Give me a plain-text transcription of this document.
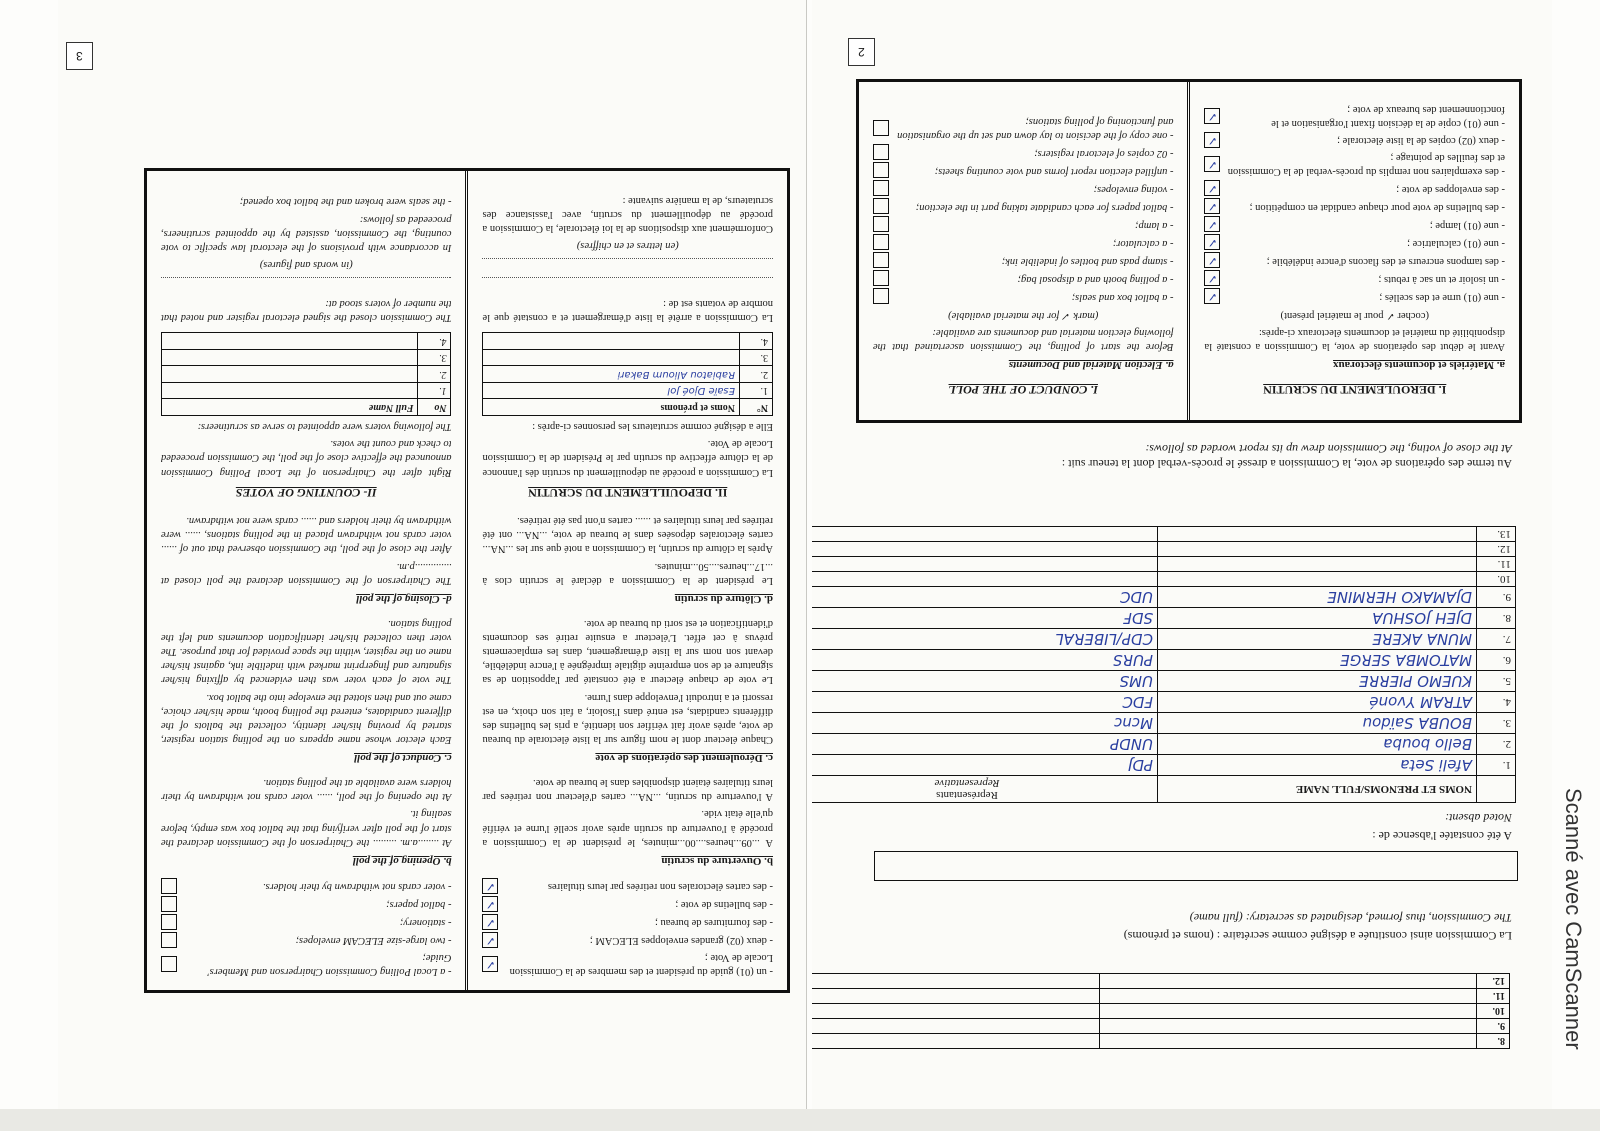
3
- un (01) guide du président et des membres de la Commission Locale de Vote ;
✓
- deux (02) grandes enveloppes ELECAM ;
✓
- des fournitures de bureau ;
✓
- des bulletins de vote ;
✓
- des cartes électorales non retirées par leurs titulaires
✓
b. Ouverture du scrutin

A ...09...heures....00...minutes, le président de la Commission a procédé à l'ouverture du scrutin après avoir scellé l'urne et vérifié qu'elle était vide.

A l'ouverture du scrutin, ...NA... cartes d'électeur non retirées par leurs titulaires étaient disponibles dans le bureau de vote.

c. Déroulement des opérations de vote

Chaque électeur dont le nom figure sur la liste électorale du bureau de vote, après avoir fait vérifier son identité, a pris les bulletins des différents candidats, est entré dans l'isoloir, a fait son choix, en est ressorti et a introduit l'enveloppe dans l'urne.

Le vote de chaque électeur a été constaté par l'apposition de sa signature et de son empreinte digitale imprégnée à l'encre indélébile, devant son nom sur la liste d'émargement, dans les emplacements prévus à cet effet. L'électeur a ensuite retiré ses documents d'identification et est sorti du bureau de vote.

d. Clôture du scrutin

Le président de la Commission a déclaré le scrutin clos à ...17...heures....50...minutes.

Après la clôture du scrutin, la Commission a noté que sur les ...NA... cartes électorales déposées dans le bureau de vote, ...NA... ont été retirées par leurs titulaires et ...... cartes n'ont pas été retirées.

II. DEPOUILLEMENT DU SCRUTIN

La Commission a procédé au dépouillement du scrutin dès l'annonce de la clôture effective du scrutin par le Président de la Commission Locale de Vote.

Elle a désigné comme scrutateurs les personnes ci-après :

N°	Noms et prénoms
1.	Esaïe Djoé Jol
2.	Rabiatou Alioum Bakari
3.	
4.	

La Commission a arrêté la liste d'émargement et a constaté que le nombre de votants est de :

(en lettres et en chiffres)

Conformément aux dispositions de la loi électorale, la Commission a procédé au dépouillement du scrutin, avec l'assistance des scrutateurs, de la manière suivante :

- a Local Polling Commission Chairperson and Members' Guide;
- two large-size ELECAM envelopes;
- stationery;
- ballot papers;
- voter cards not withdrawn by their holders.
b. Opening of the poll

At ........a.m. ......... the Chairperson of the Commission declared the start of the poll after verifying that the ballot box was empty, before sealing it.

At the opening of the poll, ...... voter cards not withdrawn by their holders were available at the polling station.

c. Conduct of the poll

Each elector whose name appears on the polling station register, started by proving his/her identity, collected the ballots of the different candidates, entered the polling booth, made his/her choice, came out and then slotted the envelope into the ballot box.

The vote of each voter was then evidenced by affixing his/her signature and fingerprint marked with indelible ink, against his/her name on the register, within the space provided for that purpose. The voter then collected his/her identification documents and left the polling station.

d- Closing of the poll

The Chairperson of the Commission declared the poll closed at ..............p.m.

After the close of the poll, the Commission observed that out of ...... voter cards not withdrawn placed in the polling stations, ...... were withdrawn by their holders and ...... cards were not withdrawn.

II- COUNTING OF VOTES

Right after the Chairperson of the Local Polling Commission announced the effective close of the poll, the Commission proceeded to check and count the votes.

The following voters were appointed to serve as scrutineers:

No	Full Name
1.	
2.	
3.	
4.	

The Commission closed the signed electoral register and noted that the number of voters stood at:

(in words and figures)

In accordance with provisions of the electoral law specific to vote counting, the Commission, assisted by the appointed scrutineers, proceeded as follows:

- the seals were broken and the ballot box opened;

2
8.		
9.		
10.		
11.		
12.		
La Commission ainsi constituée a désigné comme secrétaire : (noms et prénoms)
The Commission, thus formed, designated as secretary: (full name)
A été constatée l'absence de :
Noted absent:
	NOMS ET PRENOMS/FULL NAME	Représentants
Representative

1.	Afeli Seta	PDJ
2.	Bello bouba	UNDP
3.	BOUBA Saïdou	Mcnc
4.	ATRAM Yvoné	FDC
5.	KUEMO PIERRE	UMS
6.	MATOMBA SERGE	PURS
7.	MUNA AKERE	CDP/LIBERAL
8.	DJEH JOSHUA	SDF
9.	DJAMAKO HERMINE	UDC
10.		
11.		
12.		
13.		
Au terme des opérations de vote, la Commission a dressé le procès-verbal dont la teneur suit :
At the close of voting, the Commission drew up its report worded as follows:
I. DEROULEMENT DU SCRUTIN
a. Matériels et documents électoraux

Avant le début des opérations de vote, la Commission a constaté la disponibilité du matériel et documents électoraux ci-après:

(cocher ✓ pour le matériel présent)

- une (01) urne et des scellés ;
✓
- un isoloir et un sac à rebuts ;
✓
- des tampons encreurs et des flacons d'encre indélébile ;
✓
- une (01) calculatrice ;
✓
- une (01) lampe ;
✓
- des bulletins de vote pour chaque candidat en compétition ;
✓
- des enveloppes de vote ;
✓
- des exemplaires non remplis du procès-verbal de la Commission et des feuilles de pointage ;
✓
- deux (02) copies de la liste électorale ;
✓
- une (01) copie de la décision fixant l'organisation et le fonctionnement des bureaux de vote ;
✓
I. CONDUCT OF THE POLL
a. Election Material and Documents

Before the start of polling, the Commission ascertained that the following election material and documents are available:

(mark ✓ for the material available)

- a ballot box and seals;
- a polling booth and a disposal bag;
- stamp pads and bottles of indelible ink;
- a calculator;
- a lamp;
- ballot papers for each candidate taking part in the election;
- voting envelopes;
- unfilled election report forms and vote counting sheets;
- 02 copies of electoral registers;
- one copy of the decision to lay down and set up the organisation and functioning of polling stations;
Scanné avec CamScanner
